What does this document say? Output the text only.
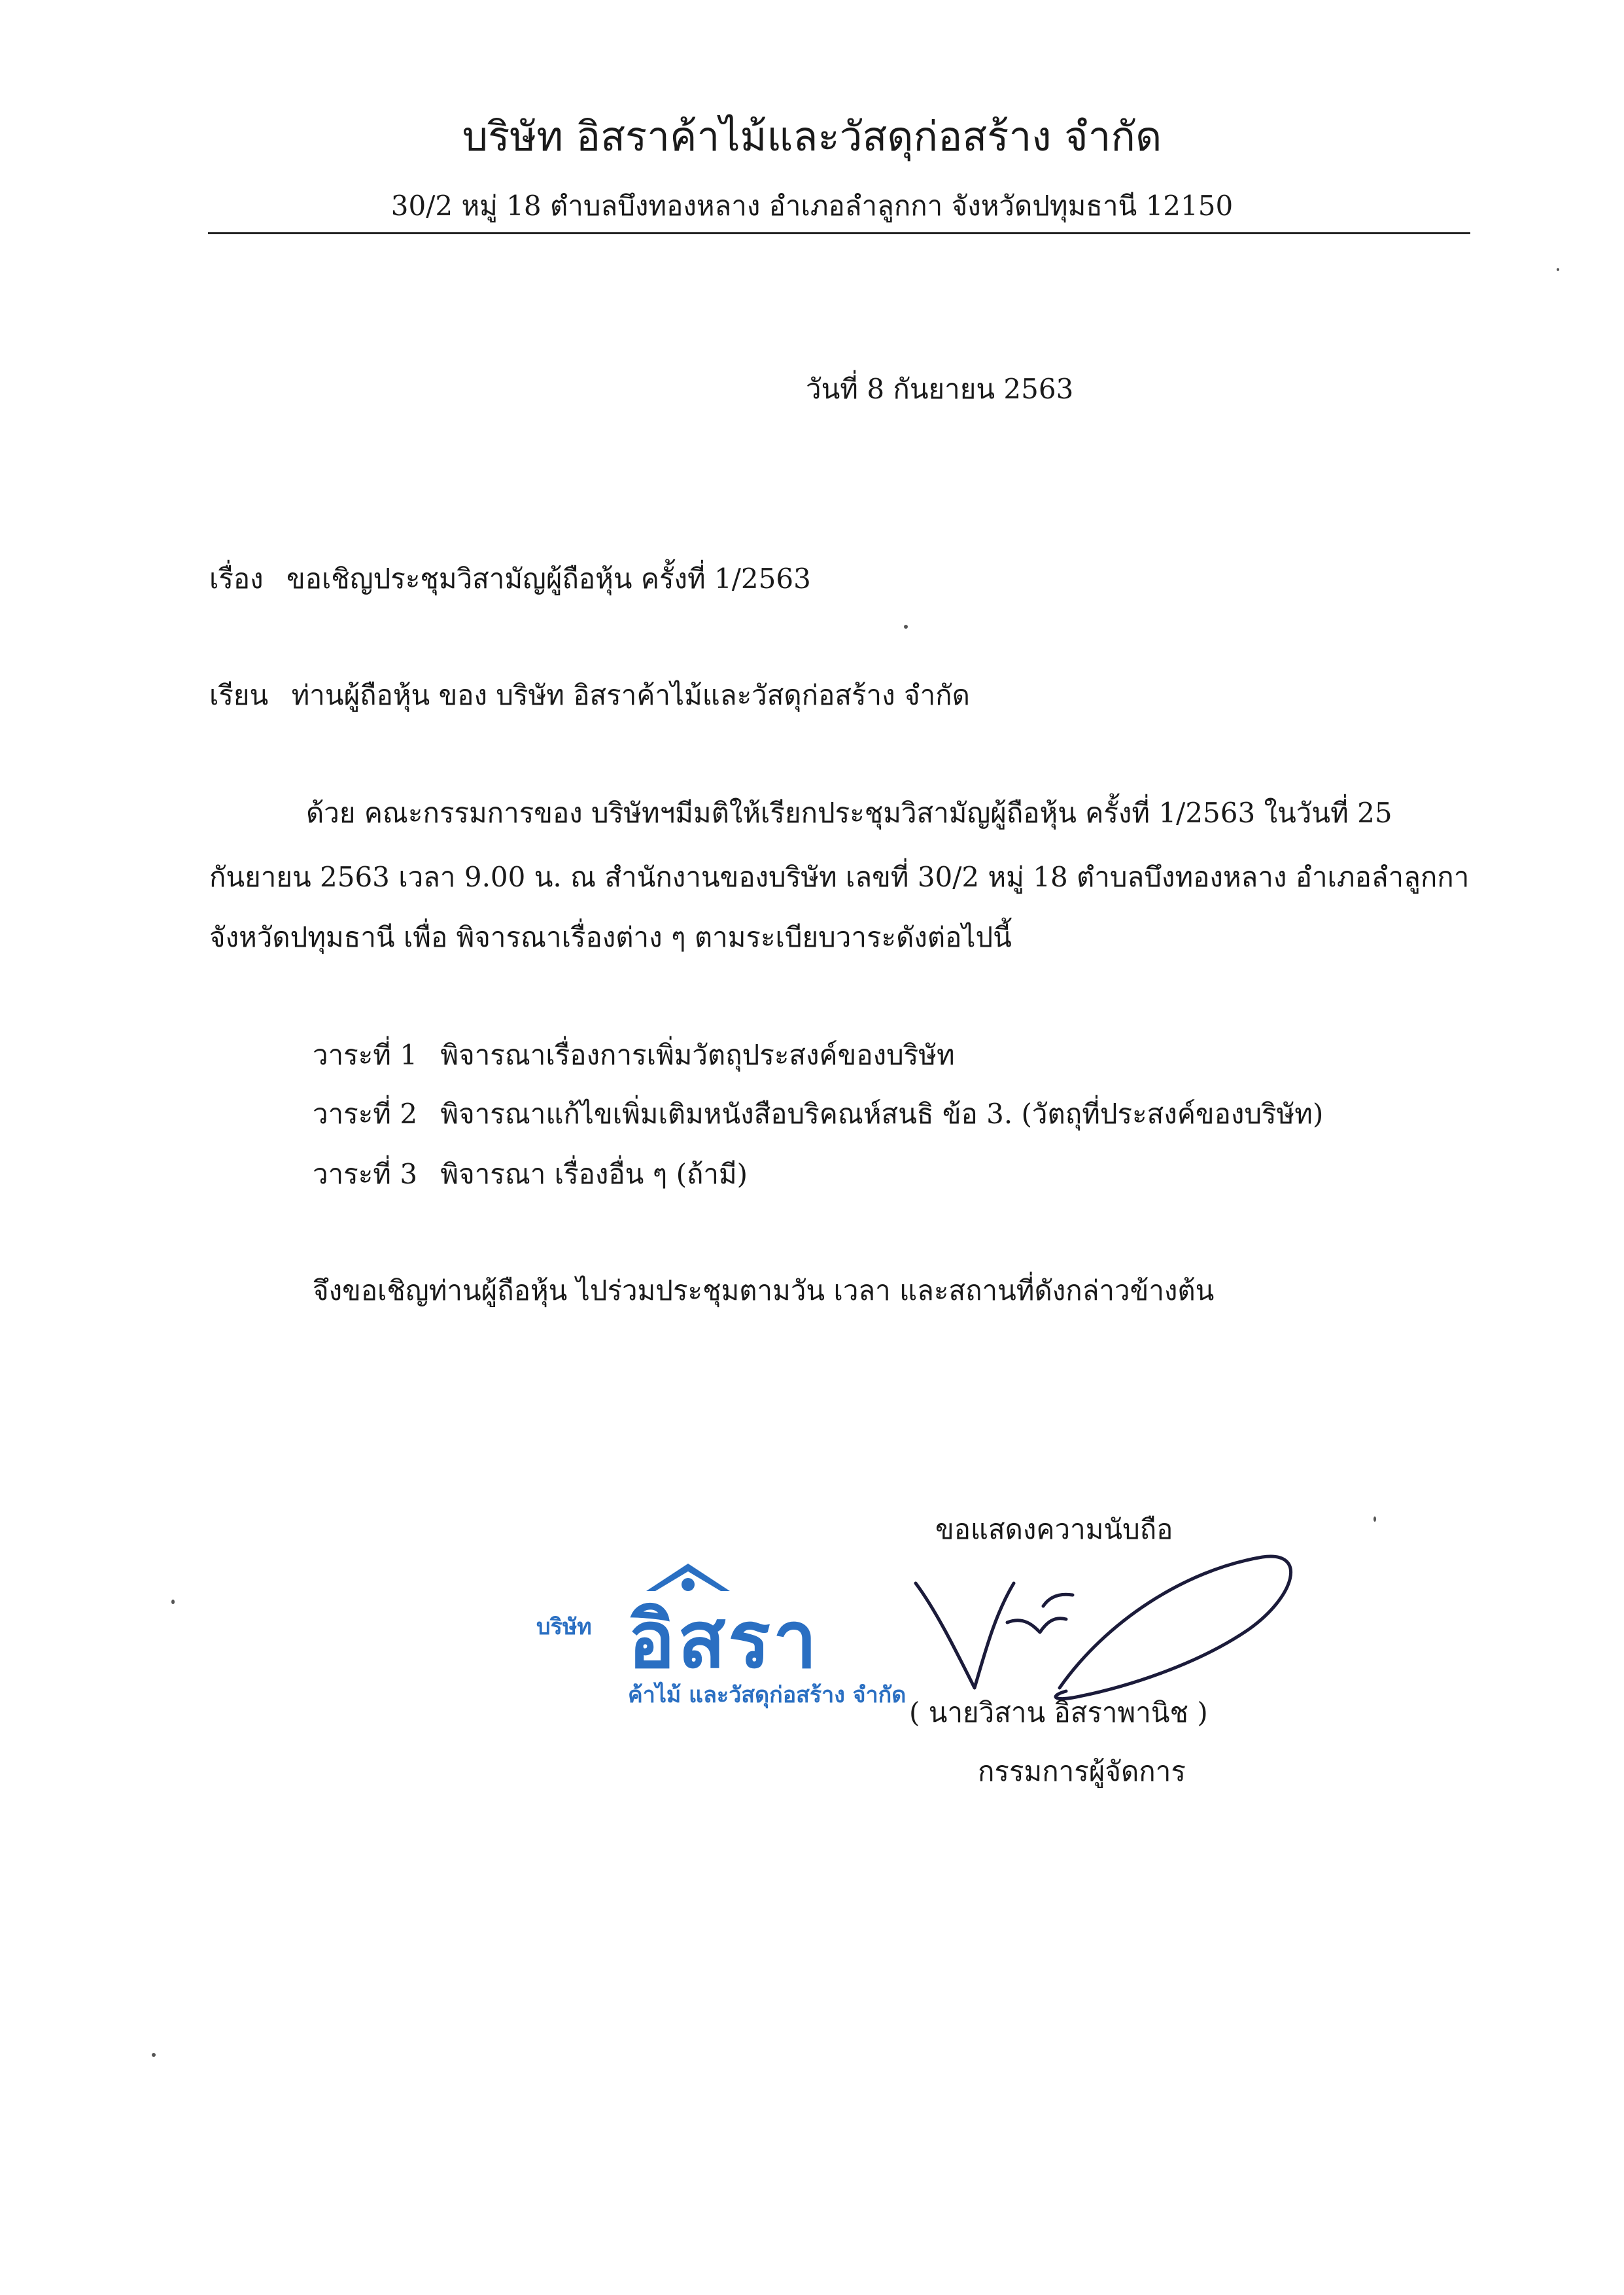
บริษัท อิสราค้าไม้และวัสดุก่อสร้าง จำกัด
30/2 หมู่ 18 ตำบลบึงทองหลาง อำเภอลำลูกกา จังหวัดปทุมธานี 12150
วันที่ 8 กันยายน 2563
เรื่อง ขอเชิญประชุมวิสามัญผู้ถือหุ้น ครั้งที่ 1/2563
เรียน ท่านผู้ถือหุ้น ของ บริษัท อิสราค้าไม้และวัสดุก่อสร้าง จำกัด
ด้วย คณะกรรมการของ บริษัทฯมีมติให้เรียกประชุมวิสามัญผู้ถือหุ้น ครั้งที่ 1/2563 ในวันที่ 25
กันยายน 2563 เวลา 9.00 น. ณ สำนักงานของบริษัท เลขที่ 30/2 หมู่ 18 ตำบลบึงทองหลาง อำเภอลำลูกกา
จังหวัดปทุมธานี เพื่อ พิจารณาเรื่องต่าง ๆ ตามระเบียบวาระดังต่อไปนี้
วาระที่ 1 พิจารณาเรื่องการเพิ่มวัตถุประสงค์ของบริษัท
วาระที่ 2 พิจารณาแก้ไขเพิ่มเติมหนังสือบริคณห์สนธิ ข้อ 3. (วัตถุที่ประสงค์ของบริษัท)
วาระที่ 3 พิจารณา เรื่องอื่น ๆ (ถ้ามี)
จึงขอเชิญท่านผู้ถือหุ้น ไปร่วมประชุมตามวัน เวลา และสถานที่ดังกล่าวข้างต้น
ขอแสดงความนับถือ
บริษัท อิสรา
ค้าไม้ และวัสดุก่อสร้าง จำกัด
( นายวิสาน อิสราพานิช )
กรรมการผู้จัดการ
